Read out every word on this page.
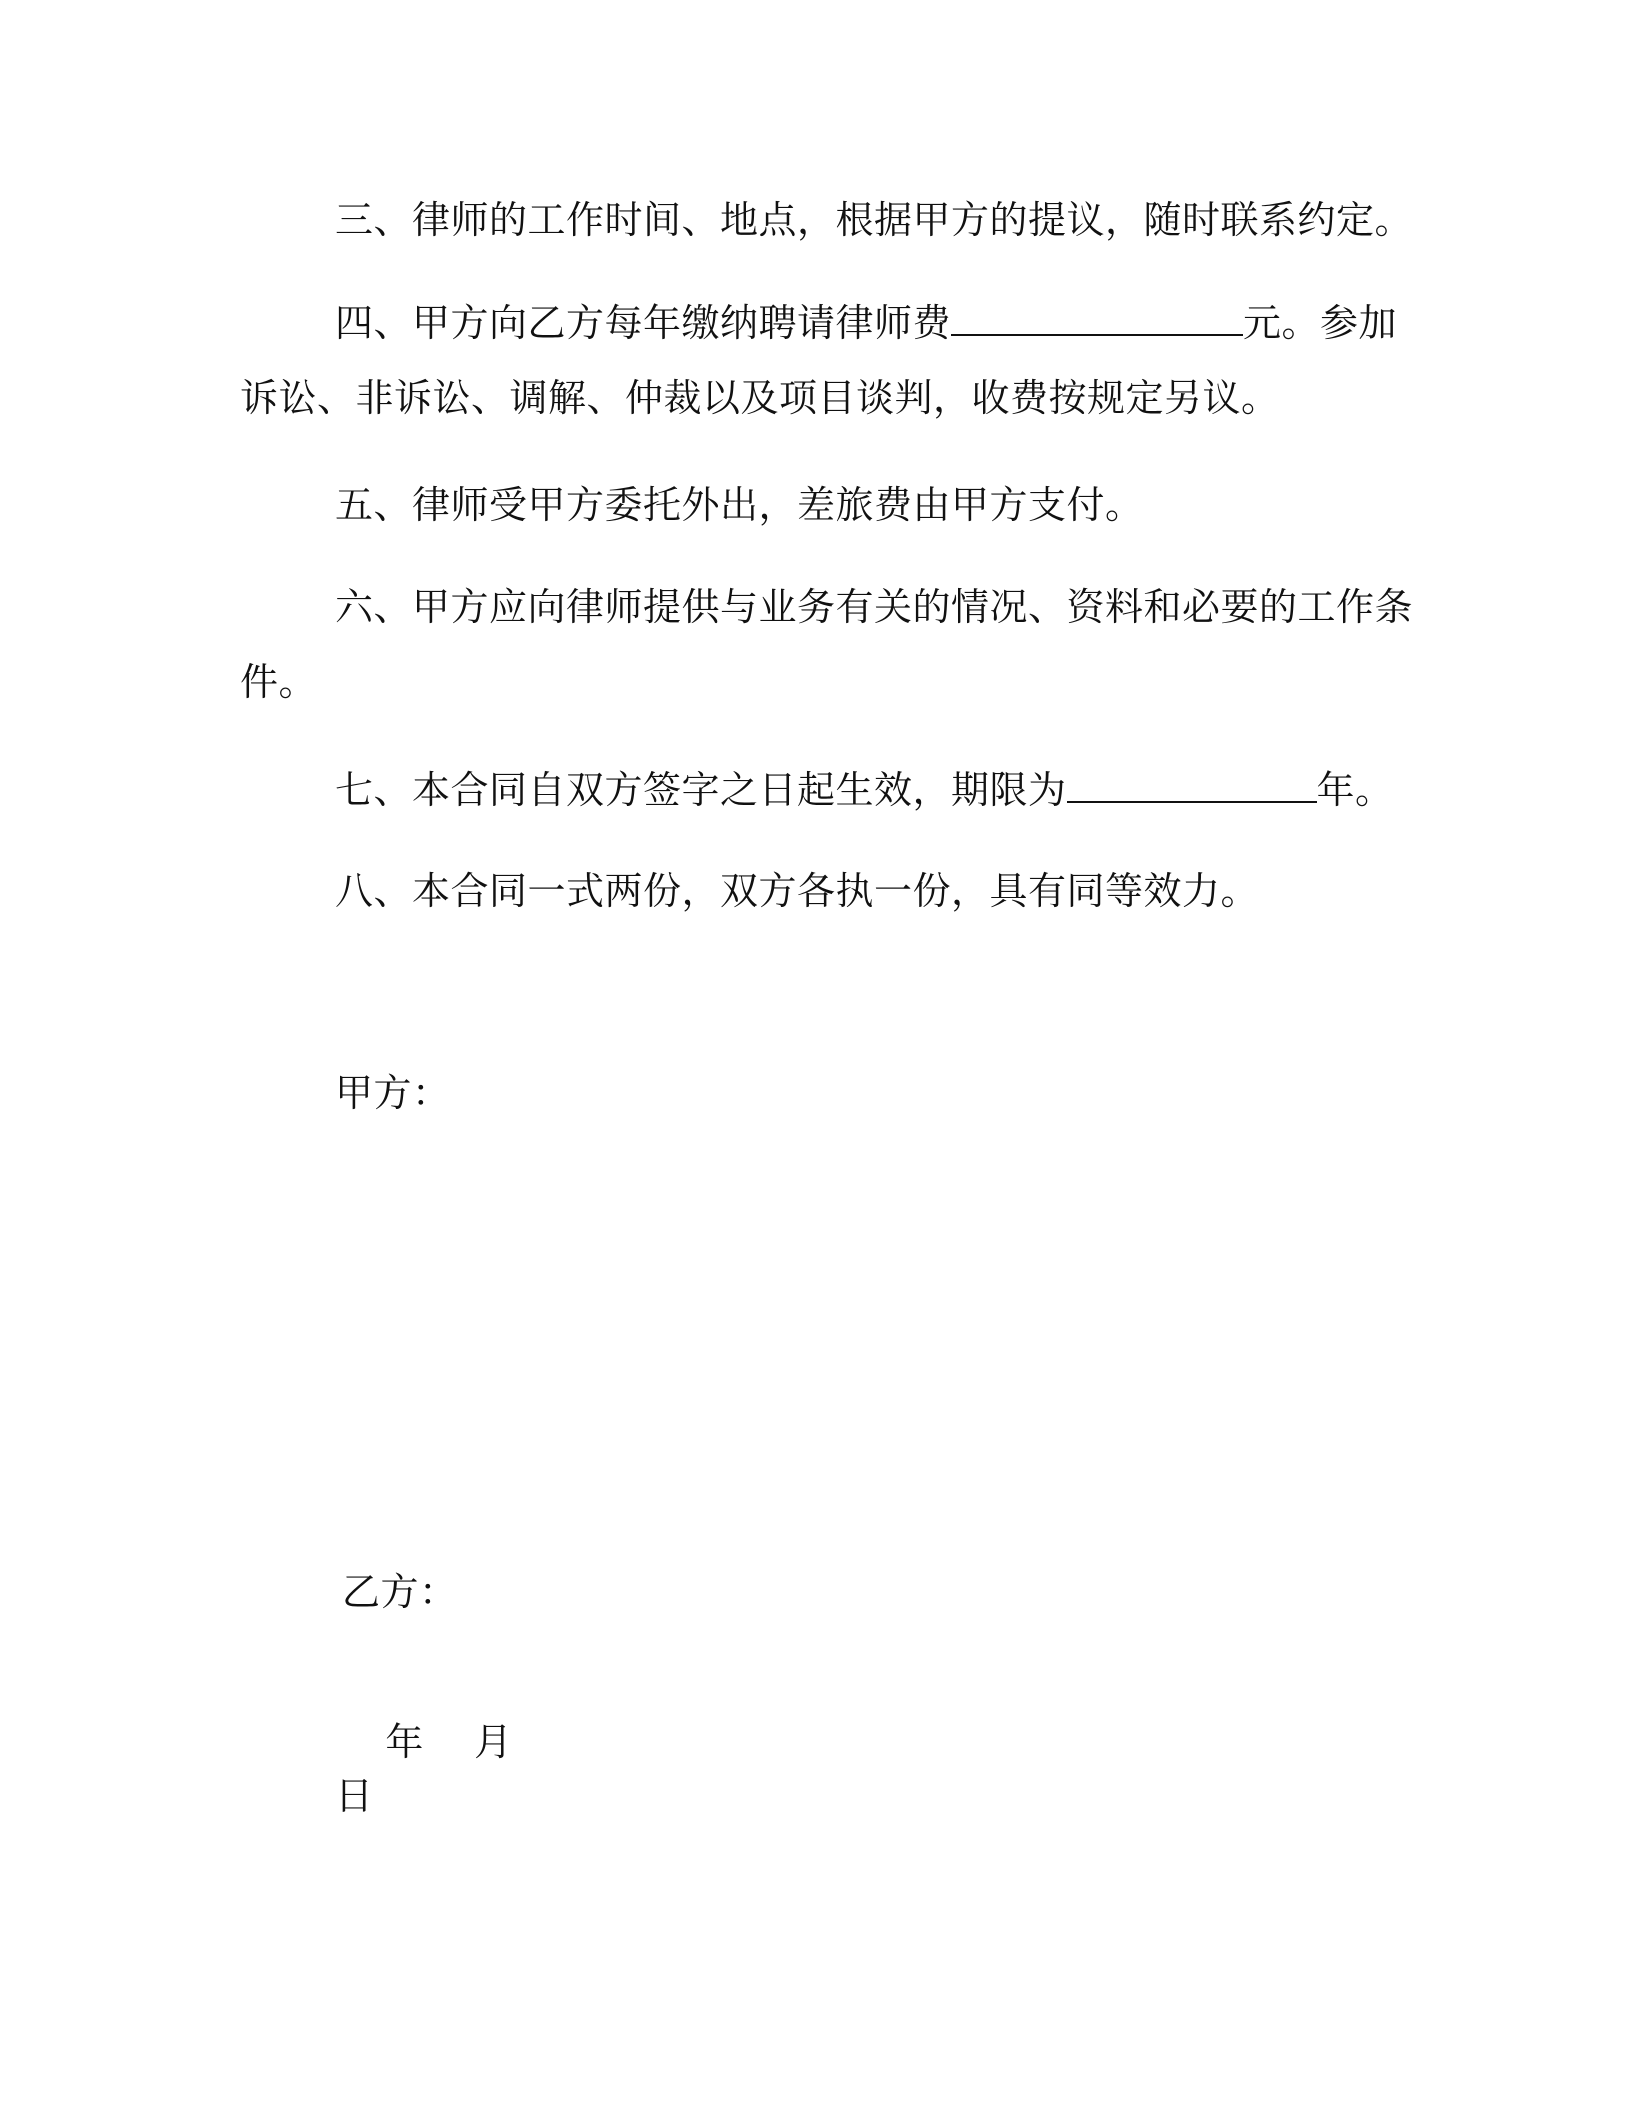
三、律师的工作时间、地点，根据甲方的提议，随时联系约定。
四、甲方向乙方每年缴纳聘请律师费	元。参加
诉讼、非诉讼、调解、仲裁以及项目谈判，收费按规定另议。
五、律师受甲方委托外出，差旅费由甲方支付。
六、甲方应向律师提供与业务有关的情况、资料和必要的工作条
件。
七、本合同自双方签字之日起生效，期限为	年。
八、本合同一式两份，双方各执一份，具有同等效力。
甲方：
乙方：

年    月

日
